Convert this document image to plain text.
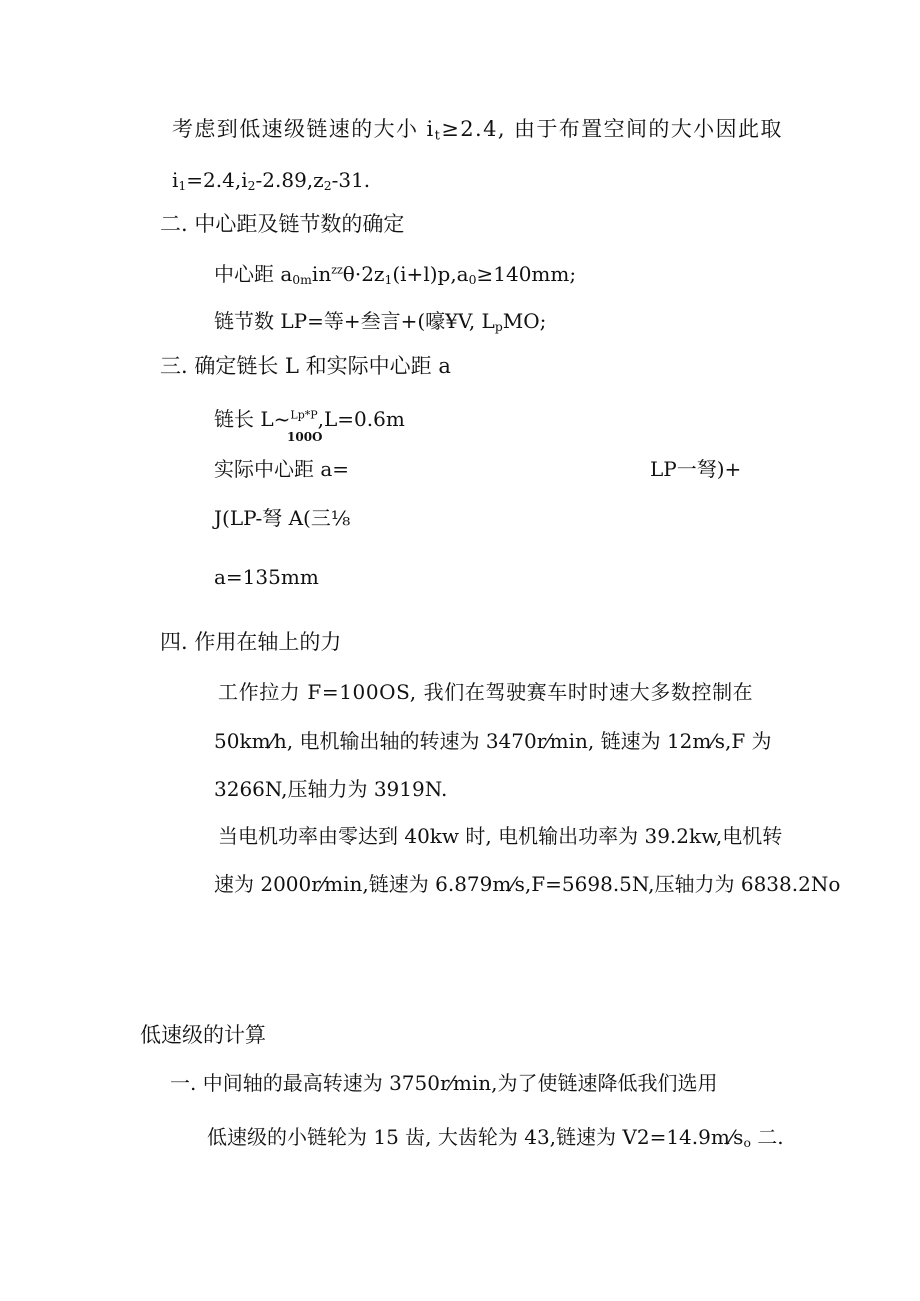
考虑到低速级链速的大小 $i_t\ge 2.4$, 由于布置空间的大小因此取
$i_1=2.4,i_2-2.89,z_2-31$.
二. 中心距及链节数的确定
中心距 $a_{0m}in^{zz}\theta\cdot 2z_1(i+l)p,a_0\ge 140mm$;
链节数 LP=等+叁言+(嚎¥V, $L_pMO$;
三. 确定链长 L 和实际中心距 a
链长 L~$^{Lp*P}$,L=0.6m
100O
实际中心距 a=	LP一弩)+
J(LP-弩 A(三⅛
a=135mm
四. 作用在轴上的力
工作拉力 F=100OS, 我们在驾驶赛车时时速大多数控制在
50km⁄h, 电机输出轴的转速为 3470r⁄min, 链速为 12m⁄s,F 为
3266N,压轴力为 3919N.
当电机功率由零达到 40kw 时, 电机输出功率为 39.2kw,电机转
速为 2000r⁄min,链速为 6.879m⁄s,F=5698.5N,压轴力为 6838.2No
低速级的计算
一. 中间轴的最高转速为 3750r⁄min,为了使链速降低我们选用
低速级的小链轮为 15 齿, 大齿轮为 43,链速为 $V2=14.9m⁄s_o$ 二.
